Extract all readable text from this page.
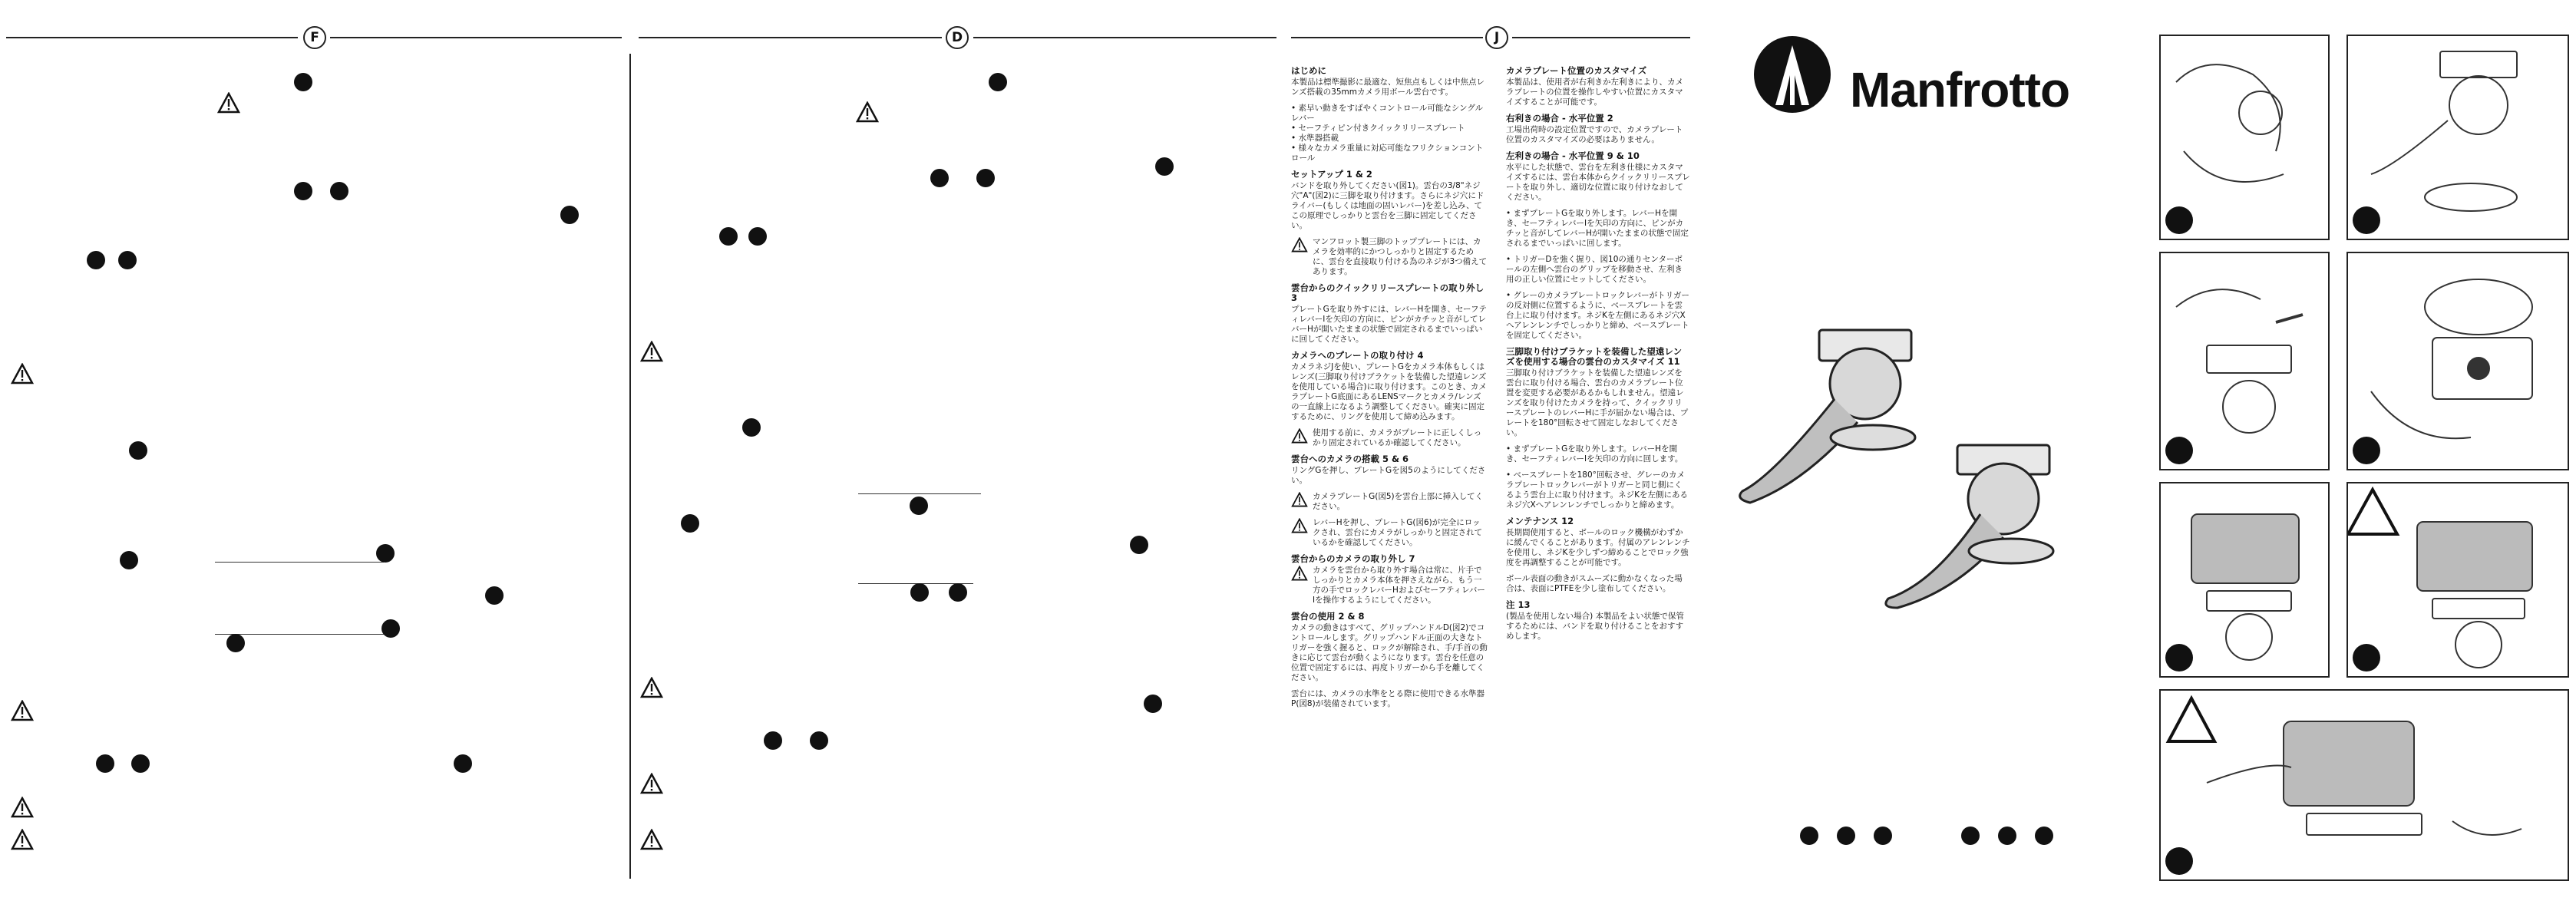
F	D	J
はじめに

本製品は標準撮影に最適な、短焦点もしくは中焦点レンズ搭載の35mmカメラ用ボール雲台です。

• 素早い動きをすばやくコントロール可能なシングルレバー
• セーフティピン付きクイックリリースプレート
• 水準器搭載
• 様々なカメラ重量に対応可能なフリクションコントロール
セットアップ 1 & 2

バンドを取り外してください(図1)。雲台の3/8"ネジ穴"A"(図2)に三脚を取り付けます。さらにネジ穴にドライバー(もしくは地面の固いレバー)を差し込み、てこの原理でしっかりと雲台を三脚に固定してください。

マンフロット製三脚のトッププレートには、カメラを効率的にかつしっかりと固定するために、雲台を直接取り付ける為のネジが3つ備えてあります。
雲台からのクイックリリースプレートの取り外し 3

プレートGを取り外すには、レバーHを開き、セーフティレバーIを矢印の方向に、ピンがカチッと音がしてレバーHが開いたままの状態で固定されるまでいっぱいに回してください。

カメラへのプレートの取り付け 4

カメラネジJを使い、プレートGをカメラ本体もしくはレンズ(三脚取り付けブラケットを装備した望遠レンズを使用している場合)に取り付けます。このとき、カメラプレートG底面にあるLENSマークとカメラ/レンズの一直線上になるよう調整してください。確実に固定するために、リングを使用して締め込みます。

使用する前に、カメラがプレートに正しくしっかり固定されているか確認してください。
雲台へのカメラの搭載 5 & 6

リングGを押し、プレートGを図5のようにしてください。

カメラプレートG(図5)を雲台上部に挿入してください。
レバーHを押し、プレートG(図6)が完全にロックされ、雲台にカメラがしっかりと固定されているかを確認してください。
雲台からのカメラの取り外し 7
カメラを雲台から取り外す場合は常に、片手でしっかりとカメラ本体を押さえながら、もう一方の手でロックレバーHおよびセーフティレバーIを操作するようにしてください。
雲台の使用 2 & 8

カメラの動きはすべて、グリップハンドルD(図2)でコントロールします。グリップハンドル正面の大きなトリガーを強く握ると、ロックが解除され、手/手首の動きに応じて雲台が動くようになります。雲台を任意の位置で固定するには、再度トリガーから手を離してください。

雲台には、カメラの水準をとる際に使用できる水準器P(図8)が装備されています。

カメラプレート位置のカスタマイズ

本製品は、使用者が右利きか左利きにより、カメラプレートの位置を操作しやすい位置にカスタマイズすることが可能です。

右利きの場合 - 水平位置 2

工場出荷時の設定位置ですので、カメラプレート位置のカスタマイズの必要はありません。

左利きの場合 - 水平位置 9 & 10

水平にした状態で、雲台を左利き仕様にカスタマイズするには、雲台本体からクイックリリースプレートを取り外し、適切な位置に取り付けなおしてください。

• まずプレートGを取り外します。レバーHを開き、セーフティレバーIを矢印の方向に、ピンがカチッと音がしてレバーHが開いたままの状態で固定されるまでいっぱいに回します。

• トリガーDを強く握り、図10の通りセンターボールの左側へ雲台のグリップを移動させ、左利き用の正しい位置にセットしてください。

• グレーのカメラプレートロックレバーがトリガーの反対側に位置するように、ベースプレートを雲台上に取り付けます。ネジKを左側にあるネジ穴Xへアレンレンチでしっかりと締め、ベースプレートを固定してください。

三脚取り付けブラケットを装備した望遠レンズを使用する場合の雲台のカスタマイズ 11

三脚取り付けブラケットを装備した望遠レンズを雲台に取り付ける場合、雲台のカメラプレート位置を変更する必要があるかもしれません。望遠レンズを取り付けたカメラを持って、クイックリリースプレートのレバーHに手が届かない場合は、プレートを180°回転させて固定しなおしてください。

• まずプレートGを取り外します。レバーHを開き、セーフティレバーIを矢印の方向に回します。

• ベースプレートを180°回転させ、グレーのカメラプレートロックレバーがトリガーと同じ側にくるよう雲台上に取り付けます。ネジKを左側にあるネジ穴Xへアレンレンチでしっかりと締めます。

メンテナンス 12

長期間使用すると、ボールのロック機構がわずかに緩んでくることがあります。付属のアレンレンチを使用し、ネジKを少しずつ締めることでロック強度を再調整することが可能です。

ボール表面の動きがスムーズに動かなくなった場合は、表面にPTFEを少し塗布してください。

注 13

(製品を使用しない場合) 本製品をよい状態で保管するためには、バンドを取り付けることをおすすめします。

Manfrotto
